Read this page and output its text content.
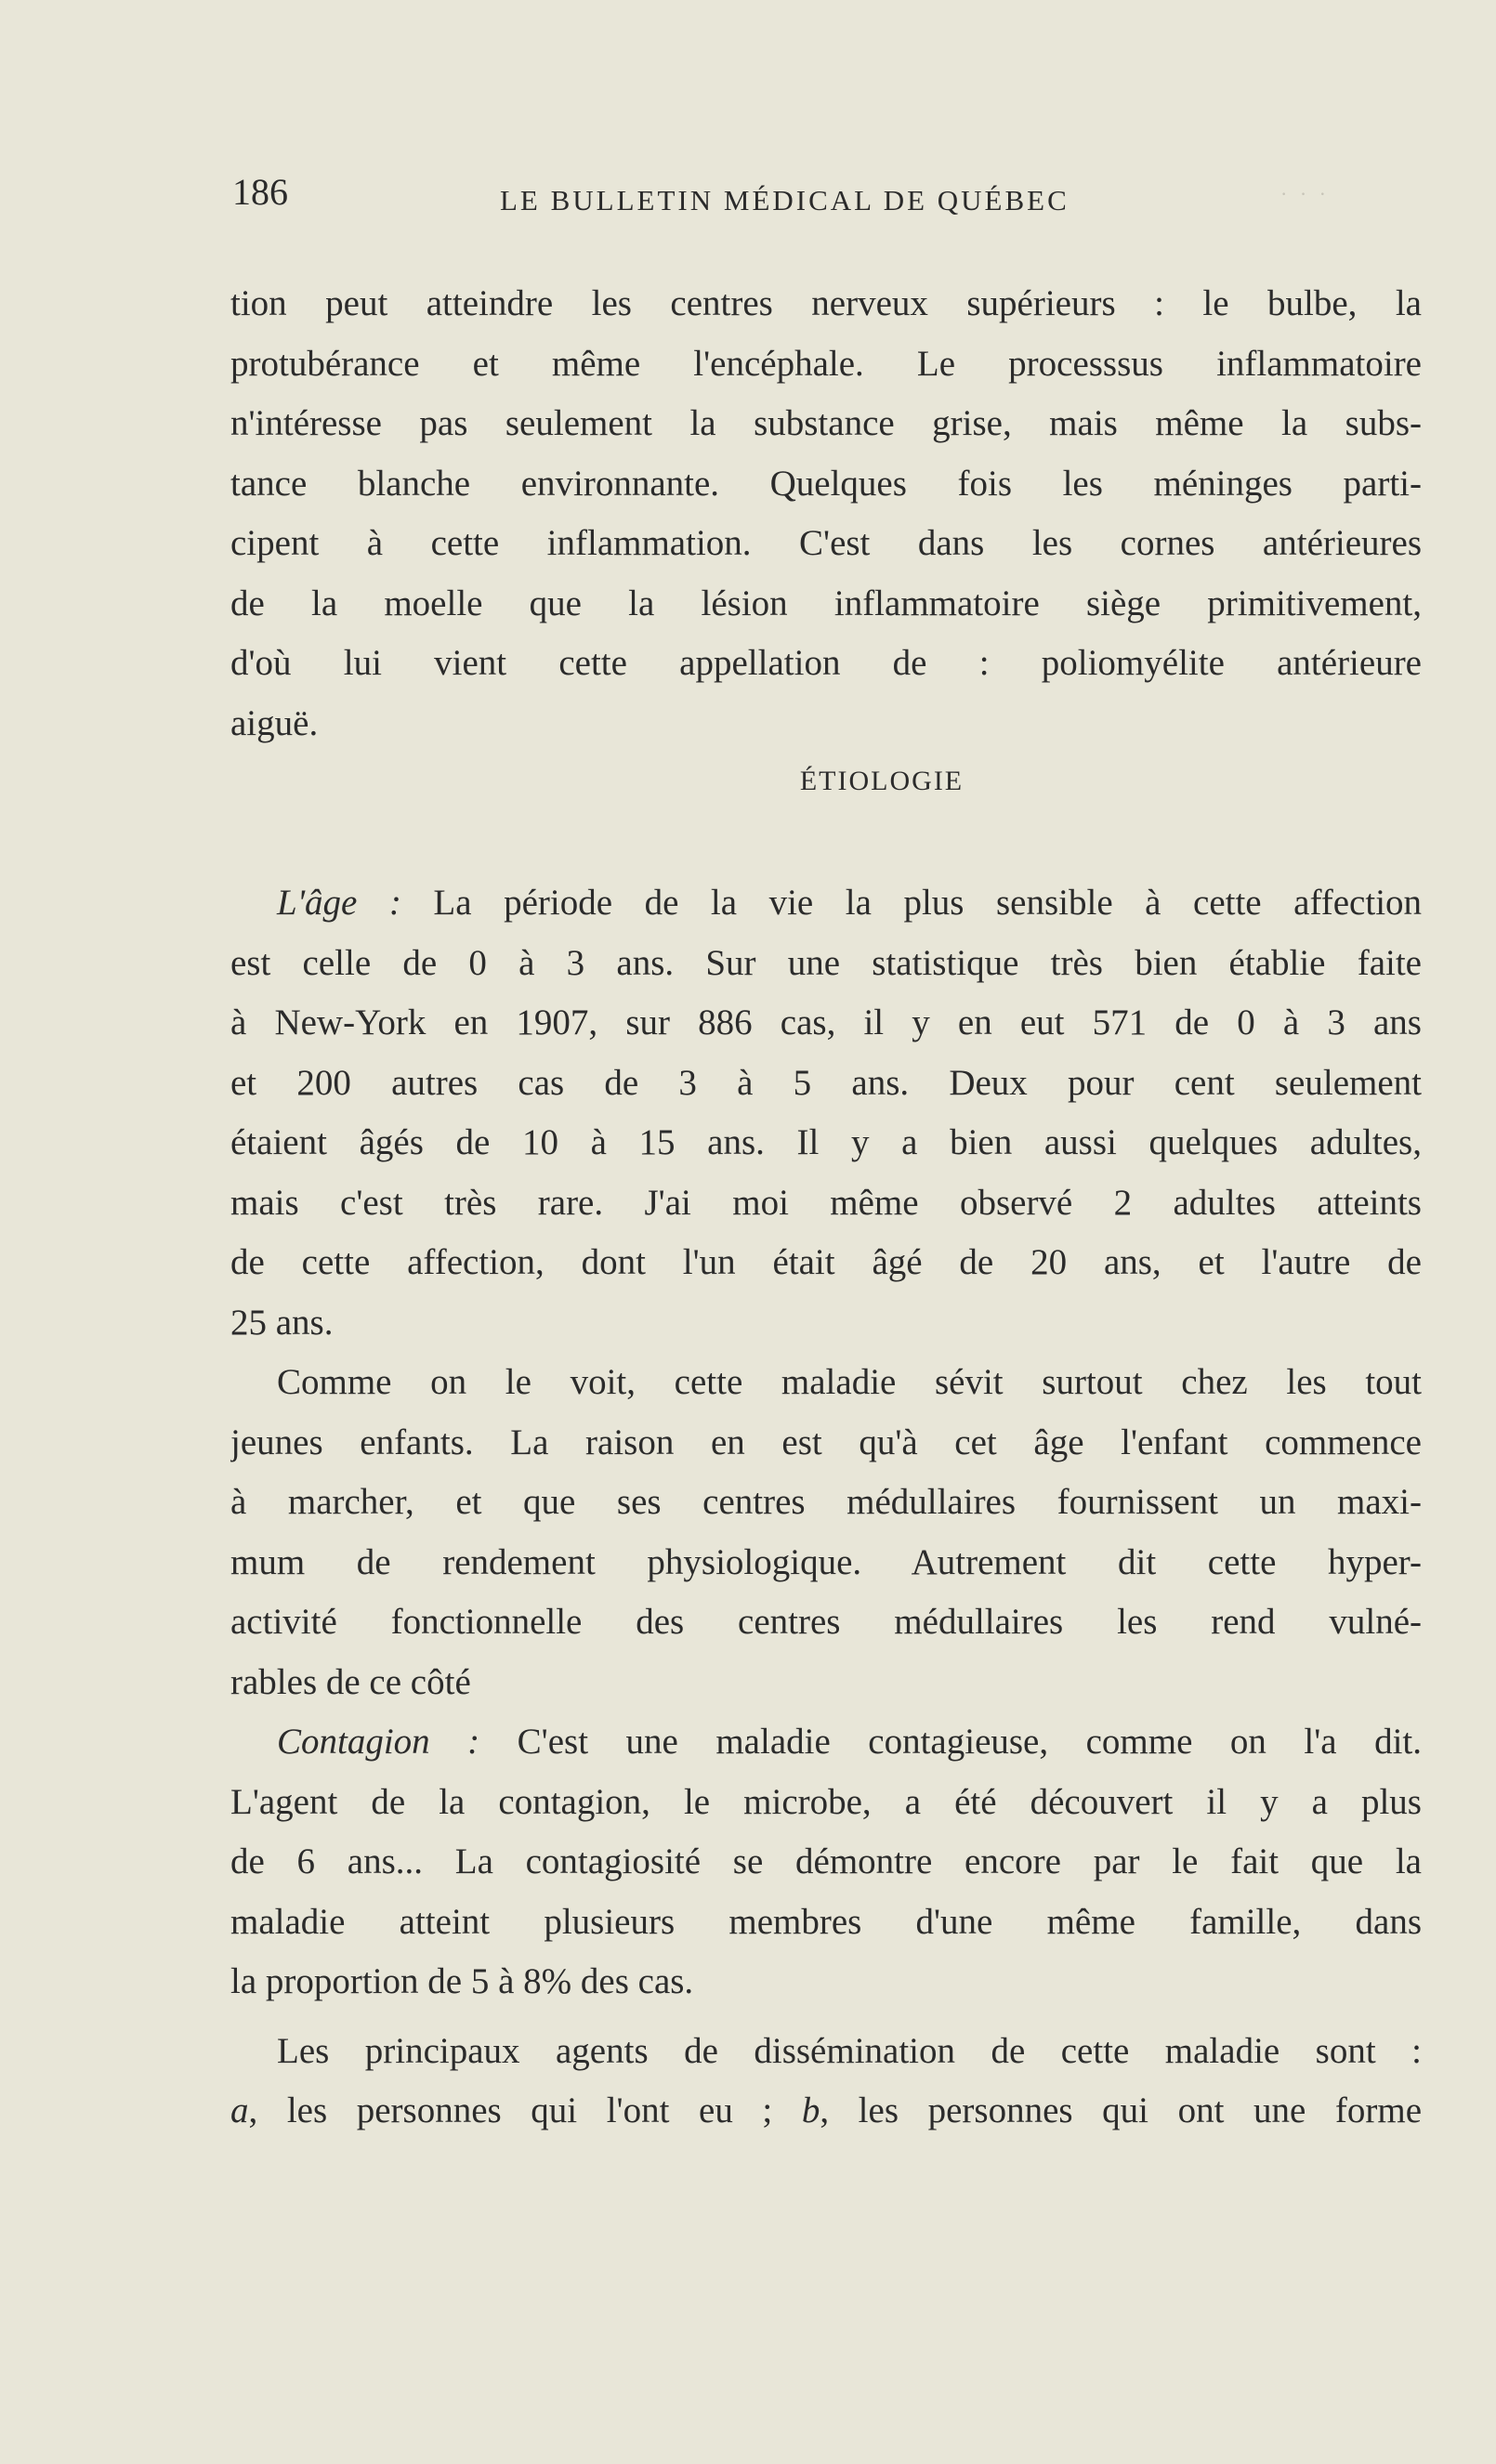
186	LE BULLETIN MÉDICAL DE QUÉBEC	· · ·
tion peut atteindre les centres nerveux supérieurs : le bulbe, la
protubérance et même l'encéphale. Le processsus inflammatoire
n'intéresse pas seulement la substance grise, mais même la subs-
tance blanche environnante. Quelques fois les méninges parti-
cipent à cette inflammation. C'est dans les cornes antérieures
de la moelle que la lésion inflammatoire siège primitivement,
d'où lui vient cette appellation de : poliomyélite antérieure
aiguë.
ÉTIOLOGIE
L'âge : La période de la vie la plus sensible à cette affection
est celle de 0 à 3 ans. Sur une statistique très bien établie faite
à New-York en 1907, sur 886 cas, il y en eut 571 de 0 à 3 ans
et 200 autres cas de 3 à 5 ans. Deux pour cent seulement
étaient âgés de 10 à 15 ans. Il y a bien aussi quelques adultes,
mais c'est très rare. J'ai moi même observé 2 adultes atteints
de cette affection, dont l'un était âgé de 20 ans, et l'autre de
25 ans.
Comme on le voit, cette maladie sévit surtout chez les tout
jeunes enfants. La raison en est qu'à cet âge l'enfant commence
à marcher, et que ses centres médullaires fournissent un maxi-
mum de rendement physiologique. Autrement dit cette hyper-
activité fonctionnelle des centres médullaires les rend vulné-
rables de ce côté
Contagion : C'est une maladie contagieuse, comme on l'a dit.
L'agent de la contagion, le microbe, a été découvert il y a plus
de 6 ans... La contagiosité se démontre encore par le fait que la
maladie atteint plusieurs membres d'une même famille, dans
la proportion de 5 à 8% des cas.
Les principaux agents de dissémination de cette maladie sont :
a, les personnes qui l'ont eu ; b, les personnes qui ont une forme
